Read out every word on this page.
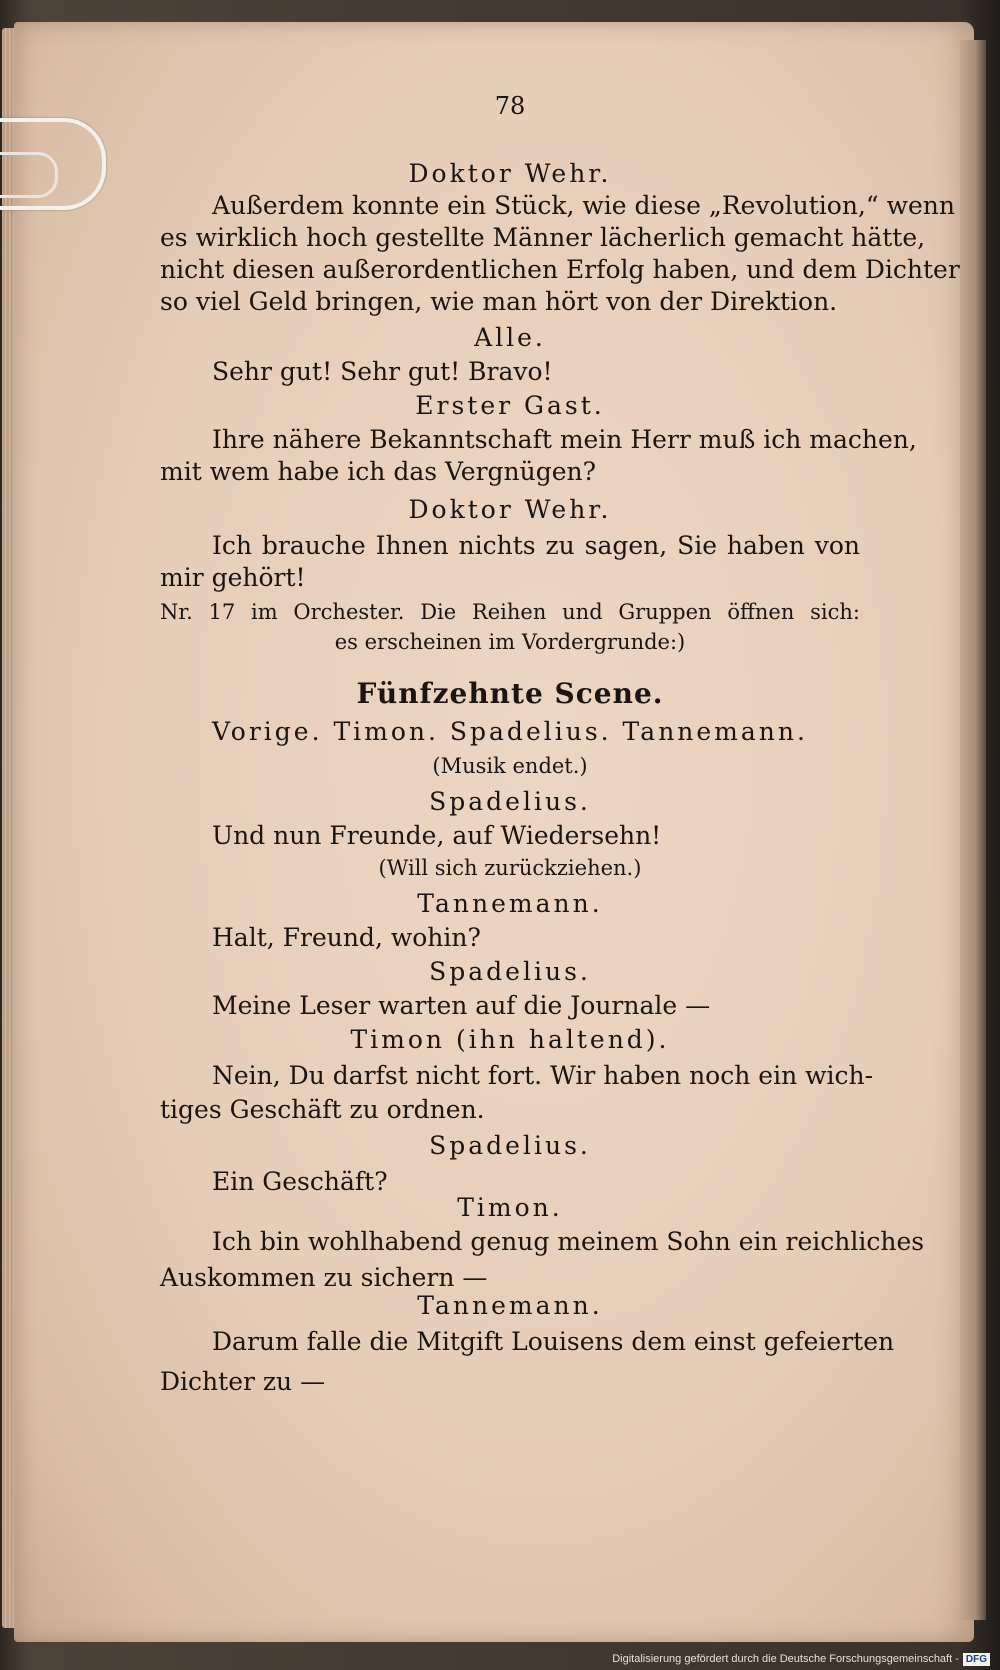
78
Doktor Wehr.
Außerdem konnte ein Stück, wie diese „Revolution,“ wenn
es wirklich hoch gestellte Männer lächerlich gemacht hätte,
nicht diesen außerordentlichen Erfolg haben, und dem Dichter
so viel Geld bringen, wie man hört von der Direktion.
Alle.
Sehr gut! Sehr gut! Bravo!
Erster Gast.
Ihre nähere Bekanntschaft mein Herr muß ich machen,
mit wem habe ich das Vergnügen?
Doktor Wehr.
Ich brauche Ihnen nichts zu sagen, Sie haben von
mir gehört!
Nr. 17 im Orchester. Die Reihen und Gruppen öffnen sich:
es erscheinen im Vordergrunde:)
Fünfzehnte Scene.
Vorige. Timon. Spadelius. Tannemann.
(Musik endet.)
Spadelius.
Und nun Freunde, auf Wiedersehn!
(Will sich zurückziehen.)
Tannemann.
Halt, Freund, wohin?
Spadelius.
Meine Leser warten auf die Journale —
Timon (ihn haltend).
Nein, Du darfst nicht fort. Wir haben noch ein wich-
tiges Geschäft zu ordnen.
Spadelius.
Ein Geschäft?
Timon.
Ich bin wohlhabend genug meinem Sohn ein reichliches
Auskommen zu sichern —
Tannemann.
Darum falle die Mitgift Louisens dem einst gefeierten
Dichter zu —
Digitalisierung gefördert durch die Deutsche Forschungsgemeinschaft - DFG
